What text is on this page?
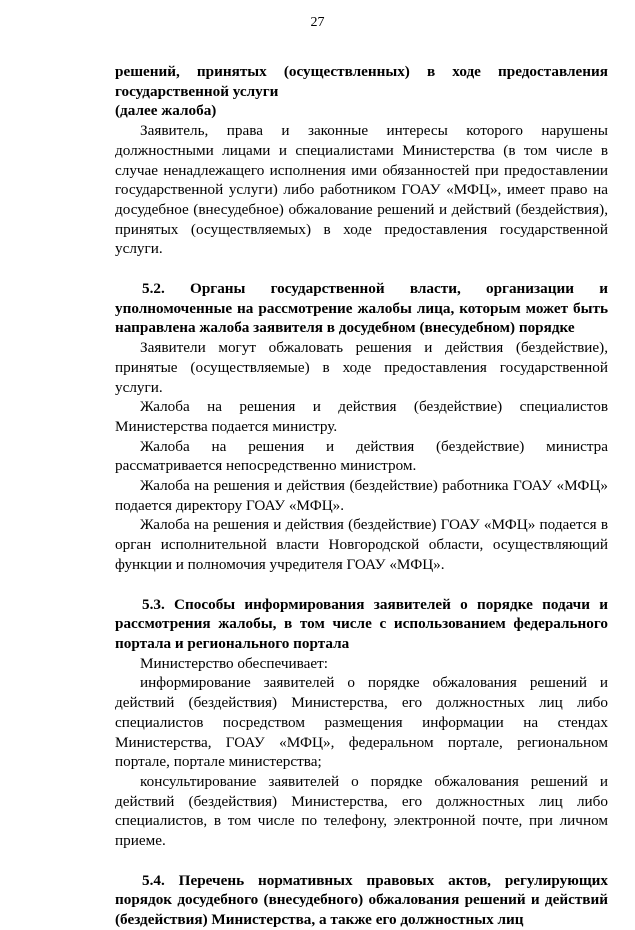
27

решений, принятых (осуществленных) в ходе предоставления государственной услуги

(далее жалоба)

Заявитель, права и законные интересы которого нарушены должностными лицами и специалистами Министерства (в том числе в случае ненадлежащего исполнения ими обязанностей при предоставлении государственной услуги) либо работником ГОАУ «МФЦ», имеет право на досудебное (внесудебное) обжалование решений и действий (бездействия), принятых (осуществляемых) в ходе предоставления государственной услуги.

5.2. Органы государственной власти, организации и уполномоченные на рассмотрение жалобы лица, которым может быть направлена жалоба заявителя в досудебном (внесудебном) порядке

Заявители могут обжаловать решения и действия (бездействие), принятые (осуществляемые) в ходе предоставления государственной услуги.

Жалоба на решения и действия (бездействие) специалистов Министерства подается министру.

Жалоба на решения и действия (бездействие) министра рассматривается непосредственно министром.

Жалоба на решения и действия (бездействие) работника ГОАУ «МФЦ» подается директору ГОАУ «МФЦ».

Жалоба на решения и действия (бездействие) ГОАУ «МФЦ» подается в орган исполнительной власти Новгородской области, осуществляющий функции и полномочия учредителя ГОАУ «МФЦ».

5.3. Способы информирования заявителей о порядке подачи и рассмотрения жалобы, в том числе с использованием федерального портала и регионального портала

Министерство обеспечивает:

информирование заявителей о порядке обжалования решений и действий (бездействия) Министерства, его должностных лиц либо специалистов посредством размещения информации на стендах Министерства, ГОАУ «МФЦ», федеральном портале, региональном портале, портале министерства;

консультирование заявителей о порядке обжалования решений и действий (бездействия) Министерства, его должностных лиц либо специалистов, в том числе по телефону, электронной почте, при личном приеме.

5.4. Перечень нормативных правовых актов, регулирующих порядок досудебного (внесудебного) обжалования решений и действий (бездействия) Министерства, а также его должностных лиц
